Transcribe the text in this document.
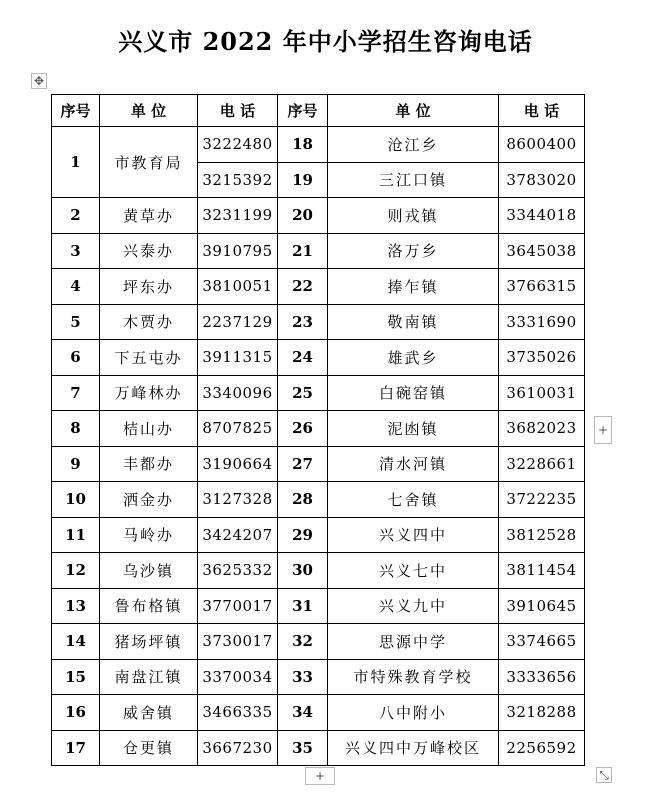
兴义市 2022 年中小学招生咨询电话
✥
序号	单 位	电 话	序号	单 位	电 话
1	市教育局	3222480	18	沧江乡	8600400
		3215392	19	三江口镇	3783020
2	黄草办	3231199	20	则戎镇	3344018
3	兴泰办	3910795	21	洛万乡	3645038
4	坪东办	3810051	22	捧乍镇	3766315
5	木贾办	2237129	23	敬南镇	3331690
6	下五屯办	3911315	24	雄武乡	3735026
7	万峰林办	3340096	25	白碗窑镇	3610031
8	桔山办	8707825	26	泥凼镇	3682023
9	丰都办	3190664	27	清水河镇	3228661
10	洒金办	3127328	28	七舍镇	3722235
11	马岭办	3424207	29	兴义四中	3812528
12	乌沙镇	3625332	30	兴义七中	3811454
13	鲁布格镇	3770017	31	兴义九中	3910645
14	猪场坪镇	3730017	32	思源中学	3374665
15	南盘江镇	3370034	33	市特殊教育学校	3333656
16	威舍镇	3466335	34	八中附小	3218288
17	仓更镇	3667230	35	兴义四中万峰校区	2256592
+
+	⤡
